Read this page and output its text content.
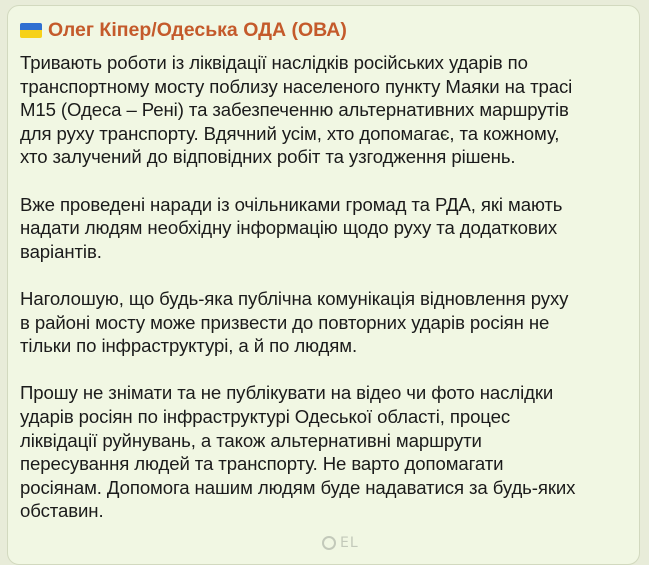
Олег Кіпер/Одеська ОДА (ОВА)

Тривають роботи із ліквідації наслідків російських ударів по
транспортному мосту поблизу населеного пункту Маяки на трасі
М15 (Одеса – Рені) та забезпеченню альтернативних маршрутів
для руху транспорту. Вдячний усім, хто допомагає, та кожному,
хто залучений до відповідних робіт та узгодження рішень.

Вже проведені наради із очільниками громад та РДА, які мають
надати людям необхідну інформацію щодо руху та додаткових
варіантів.

Наголошую, що будь-яка публічна комунікація відновлення руху
в районі мосту може призвести до повторних ударів росіян не
тільки по інфраструктурі, а й по людям.

Прошу не знімати та не публікувати на відео чи фото наслідки
ударів росіян по інфраструктурі Одеської області, процес
ліквідації руйнувань, а також альтернативні маршрути
пересування людей та транспорту. Не варто допомагати
росіянам. Допомога нашим людям буде надаватися за будь-яких
обставин.

EL
